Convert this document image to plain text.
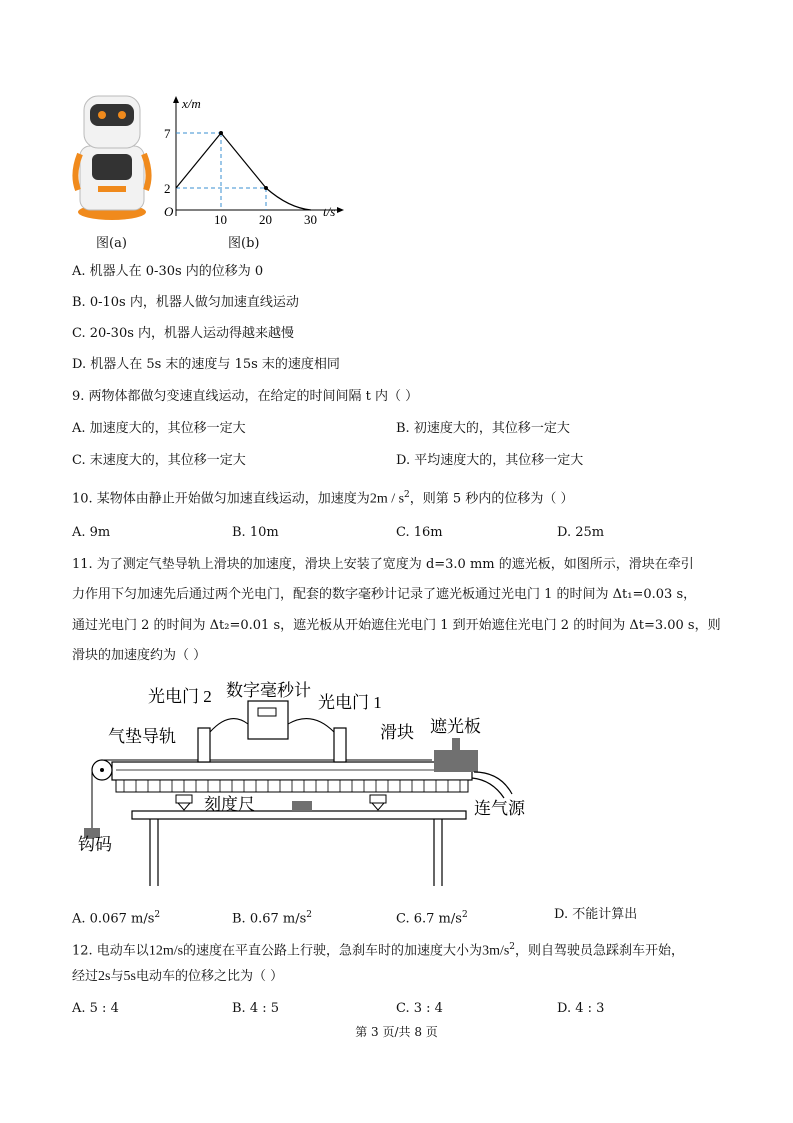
x/m
t/s
O
7
2
10 20 30
图(a)	图(b)
A. 机器人在 0-30s 内的位移为 0
B. 0-10s 内，机器人做匀加速直线运动
C. 20-30s 内，机器人运动得越来越慢
D. 机器人在 5s 末的速度与 15s 末的速度相同
9. 两物体都做匀变速直线运动，在给定的时间间隔 t 内（ ）
A. 加速度大的，其位移一定大	B. 初速度大的，其位移一定大
C. 末速度大的，其位移一定大	D. 平均速度大的，其位移一定大
10. 某物体由静止开始做匀加速直线运动，加速度为$2m / s^2$，则第 5 秒内的位移为（ ）
A. 9m	B. 10m	C. 16m	D. 25m
11. 为了测定气垫导轨上滑块的加速度，滑块上安装了宽度为 d=3.0 mm 的遮光板，如图所示，滑块在牵引
力作用下匀加速先后通过两个光电门，配套的数字毫秒计记录了遮光板通过光电门 1 的时间为 Δt₁=0.03 s，
通过光电门 2 的时间为 Δt₂=0.01 s，遮光板从开始遮住光电门 1 到开始遮住光电门 2 的时间为 Δt=3.00 s，则
滑块的加速度约为（ ）
光电门 2 数字毫秒计
光电门 1
气垫导轨	滑块 遮光板
刻度尺	连气源
钩码
A. 0.067 $m/s^2$	B. 0.67 $m/s^2$	C. 6.7 $m/s^2$	D. 不能计算出
12. 电动车以12m/s的速度在平直公路上行驶，急刹车时的加速度大小为$3m/s^2$，则自驾驶员急踩刹车开始，
经过2s与5s电动车的位移之比为（ ）
A. 5 : 4	B. 4 : 5	C. 3 : 4	D. 4 : 3
第 3 页/共 8 页
